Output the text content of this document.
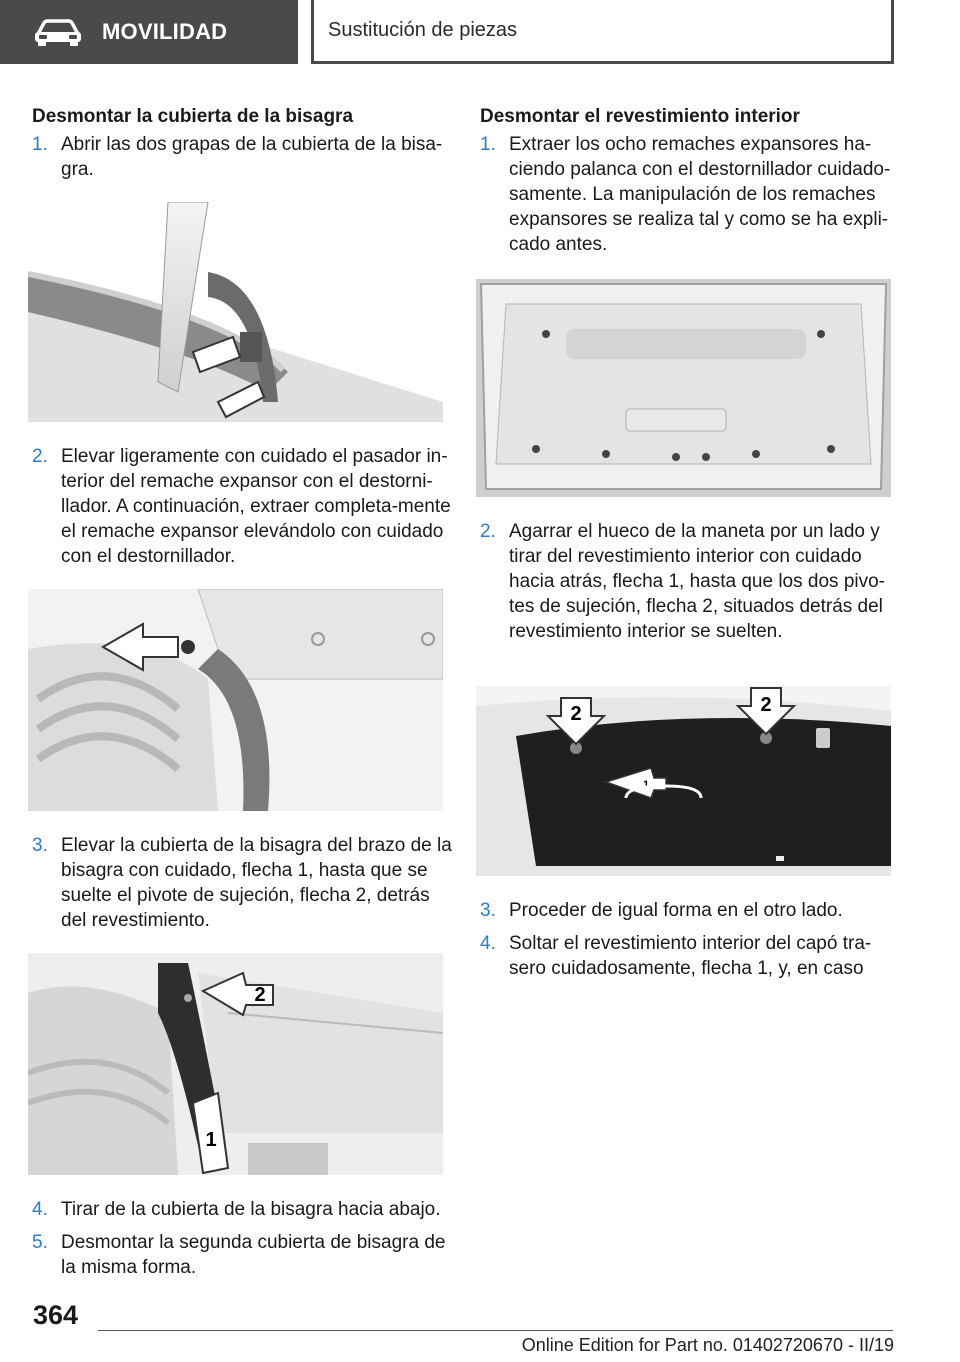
MOVILIDAD	Sustitución de piezas
Desmontar la cubierta de la bisagra
1. Abrir las dos grapas de la cubierta de la bisa-gra.
2. Elevar ligeramente con cuidado el pasador in-terior del remache expansor con el destorni-llador. A continuación, extraer completa-mente el remache expansor elevándolo con cuidado con el destornillador.
3. Elevar la cubierta de la bisagra del brazo de la bisagra con cuidado, flecha 1, hasta que se suelte el pivote de sujeción, flecha 2, detrás del revestimiento.
2
1
4. Tirar de la cubierta de la bisagra hacia abajo.
5. Desmontar la segunda cubierta de bisagra de la misma forma.
Desmontar el revestimiento interior
1. Extraer los ocho remaches expansores ha-ciendo palanca con el destornillador cuidado-samente. La manipulación de los remaches expansores se realiza tal y como se ha expli-cado antes.
2. Agarrar el hueco de la maneta por un lado y tirar del revestimiento interior con cuidado hacia atrás, flecha 1, hasta que los dos pivo-tes de sujeción, flecha 2, situados detrás del revestimiento interior se suelten.
2	2
1
3. Proceder de igual forma en el otro lado.
4. Soltar el revestimiento interior del capó tra-sero cuidadosamente, flecha 1, y, en caso
364
Online Edition for Part no. 01402720670 - II/19
